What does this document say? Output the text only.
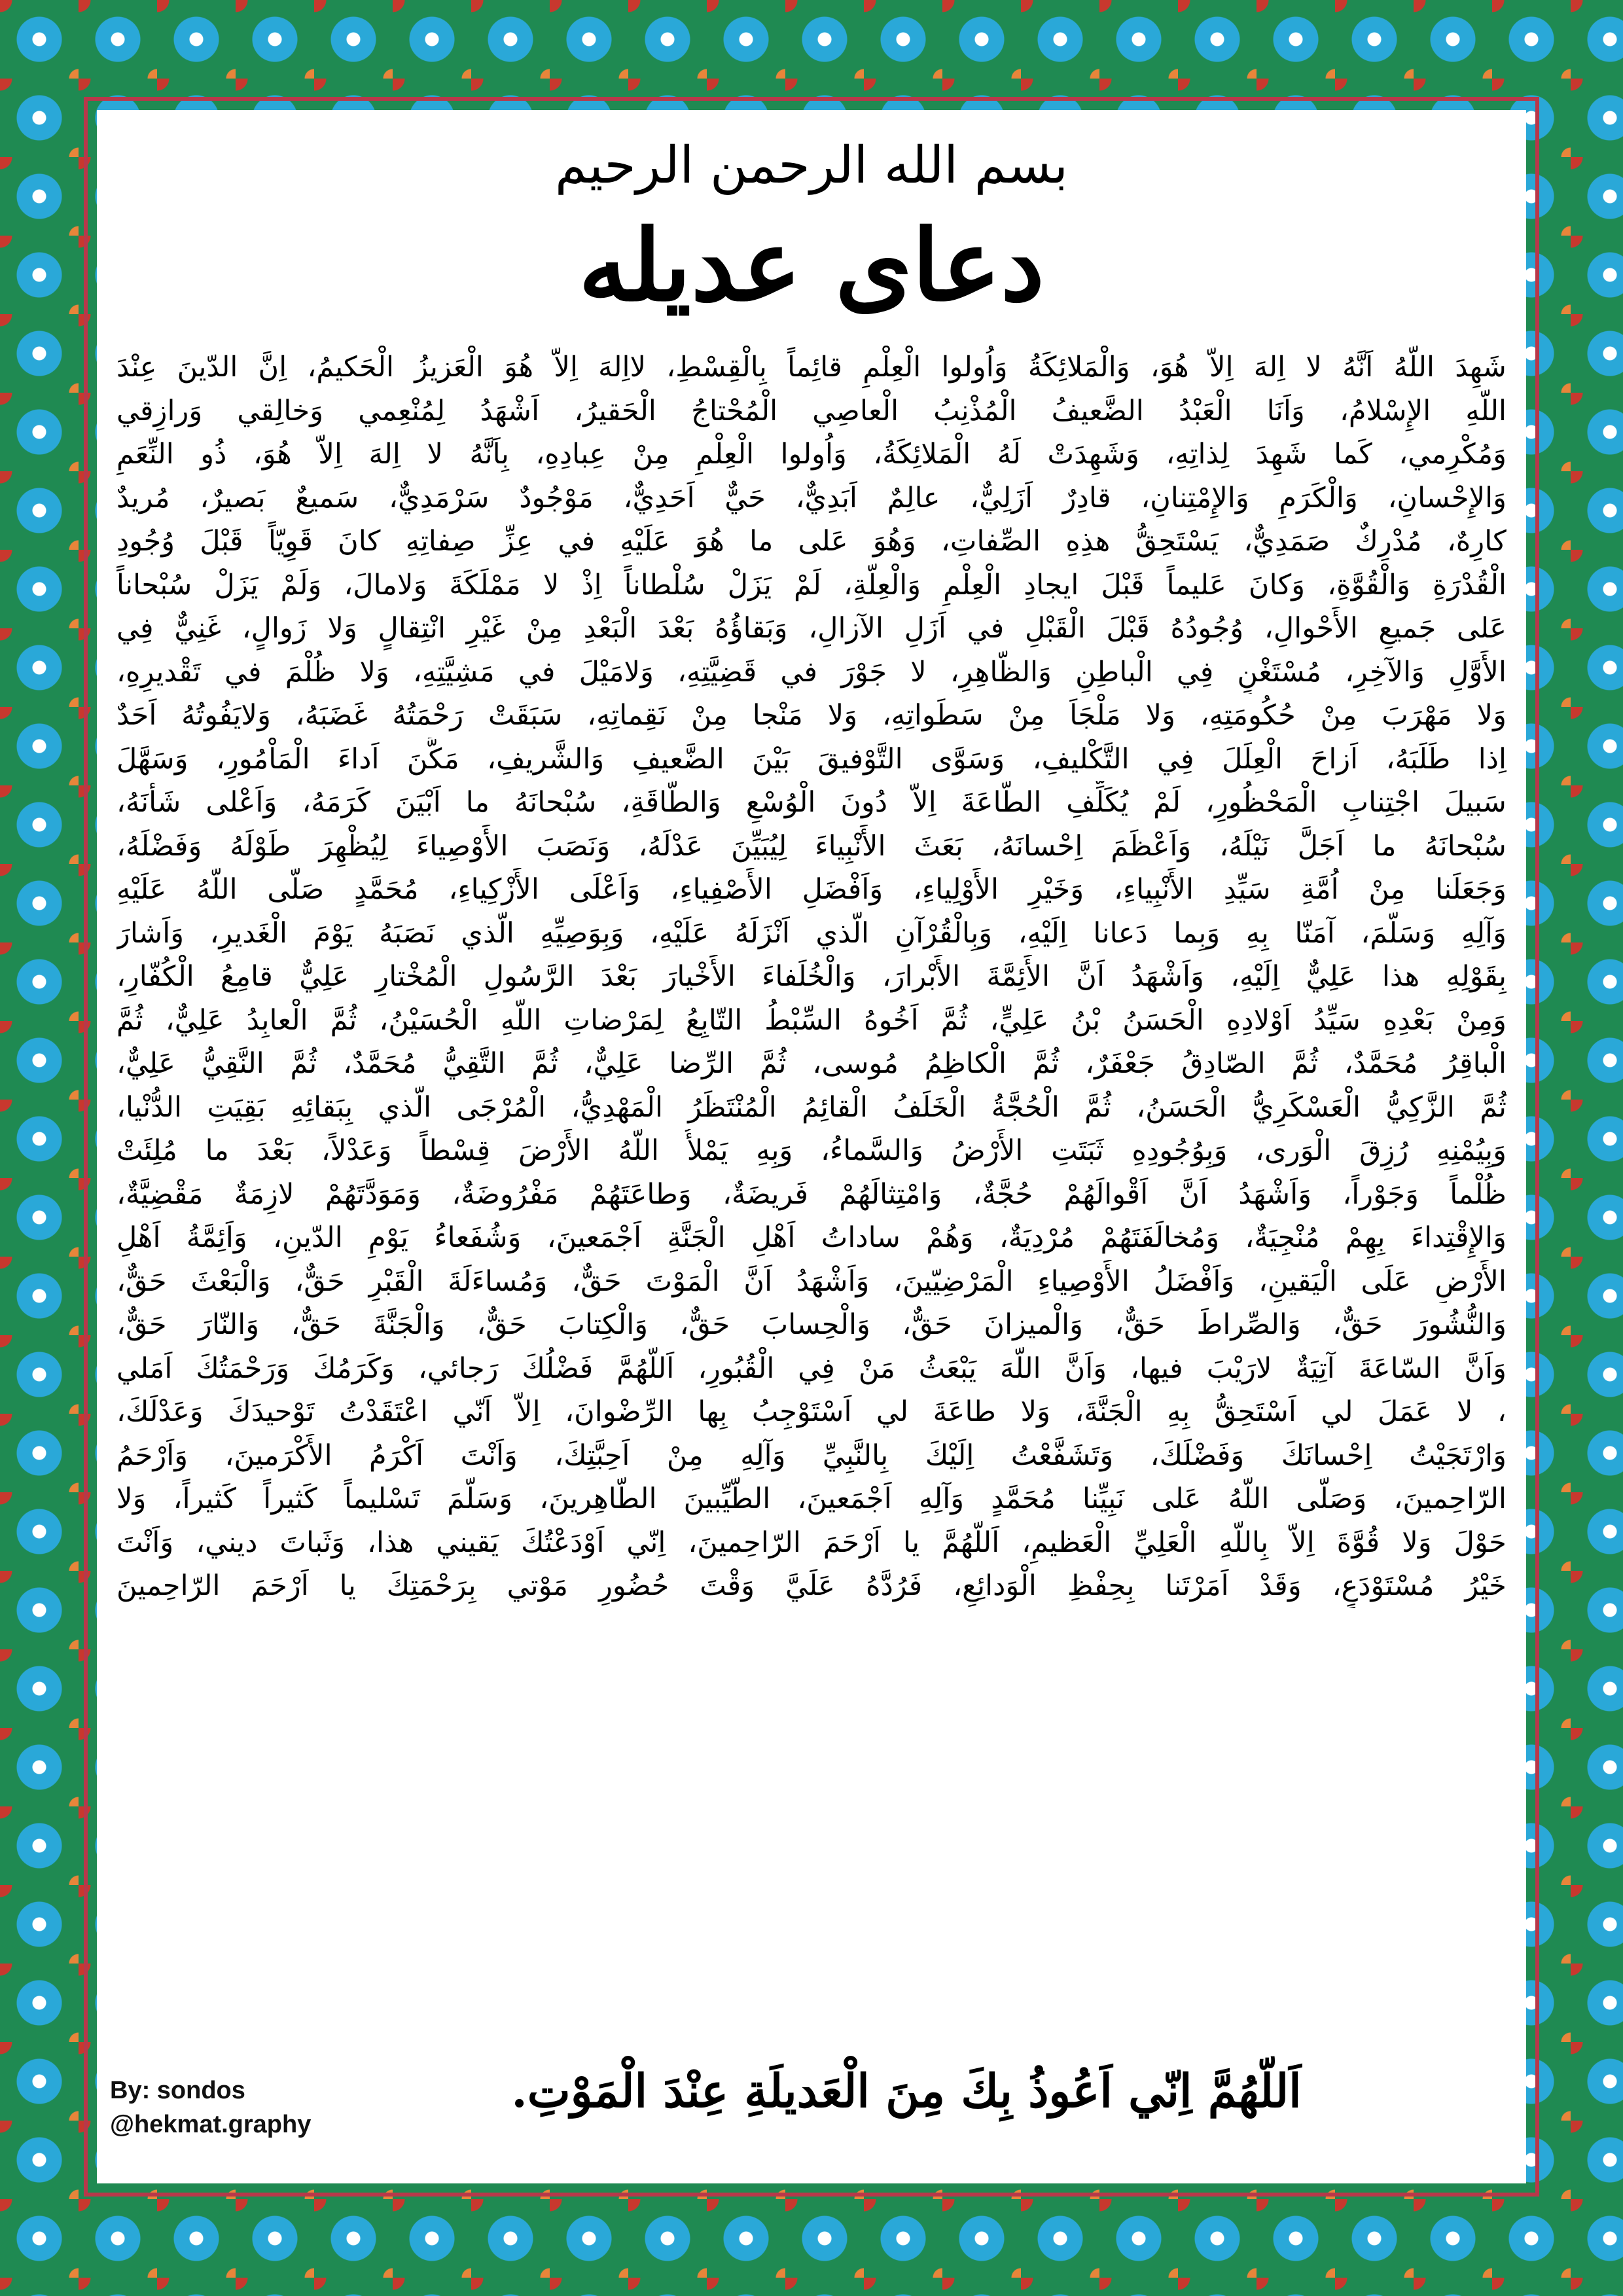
بسم الله الرحمن الرحيم
دعای عدیله
شَهِدَ اللّهُ اَنَّهُ لا اِلهَ اِلاّ هُوَ، وَالْمَلائِكَةُ وَاُولوا الْعِلْمِ قائِماً بِالْقِسْطِ، لااِلهَ اِلاّ هُوَ الْعَزيزُ الْحَكيمُ، اِنَّ الدّينَ عِنْدَ
اللّهِ الإِسْلامُ، وَاَنَا الْعَبْدُ الضَّعيفُ الْمُذْنِبُ الْعاصِي الْمُحْتاجُ الْحَقيرُ، اَشْهَدُ لِمُنْعِمي وَخالِقي وَرازِقي
وَمُكْرِمي، كَما شَهِدَ لِذاتِهِ، وَشَهِدَتْ لَهُ الْمَلائِكَةُ، وَاُولوا الْعِلْمِ مِنْ عِبادِهِ، بِاَنَّهُ لا اِلهَ اِلاّ هُوَ، ذُو النِّعَمِ
وَالإِحْسانِ، وَالْكَرَمِ وَالإِمْتِنانِ، قادِرٌ اَزَلِيٌّ، عالِمٌ اَبَدِيٌّ، حَيٌّ اَحَدِيٌّ، مَوْجُودٌ سَرْمَدِيٌّ، سَميعٌ بَصيرٌ، مُريدٌ
كارِهٌ، مُدْرِكٌ صَمَدِيٌّ، يَسْتَحِقُّ هذِهِ الصِّفاتِ، وَهُوَ عَلى ما هُوَ عَلَيْهِ في عِزِّ صِفاتِهِ كانَ قَوِيّاً قَبْلَ وُجُودِ
الْقُدْرَةِ وَالْقُوَّةِ، وَكانَ عَليماً قَبْلَ ايجادِ الْعِلْمِ وَالْعِلَّةِ، لَمْ يَزَلْ سُلْطاناً اِذْ لا مَمْلَكَةَ وَلامالَ، وَلَمْ يَزَلْ سُبْحاناً
عَلى جَميعِ الأَحْوالِ، وُجُودُهُ قَبْلَ الْقَبْلِ في اَزَلِ الآزالِ، وَبَقاؤُهُ بَعْدَ الْبَعْدِ مِنْ غَيْرِ انْتِقالٍ وَلا زَوالٍ، غَنِيٌّ فِي
الأَوَّلِ وَالآخِرِ، مُسْتَغْنٍ فِي الْباطِنِ وَالظّاهِرِ، لا جَوْرَ في قَضِيَّتِهِ، وَلامَيْلَ في مَشِيَّتِهِ، وَلا ظُلْمَ في تَقْديرِهِ،
وَلا مَهْرَبَ مِنْ حُكُومَتِهِ، وَلا مَلْجَاَ مِنْ سَطَواتِهِ، وَلا مَنْجا مِنْ نَقِماتِهِ، سَبَقَتْ رَحْمَتُهُ غَضَبَهُ، وَلايَفُوتُهُ اَحَدٌ
اِذا طَلَبَهُ، اَزاحَ الْعِلَلَ فِي التَّكْليفِ، وَسَوَّى التَّوْفيقَ بَيْنَ الضَّعيفِ وَالشَّريفِ، مَكَّنَ اَداءَ الْمَاْمُورِ، وَسَهَّلَ
سَبيلَ اجْتِنابِ الْمَحْظُورِ، لَمْ يُكَلِّفِ الطّاعَةَ اِلاّ دُونَ الْوُسْعِ وَالطّاقَةِ، سُبْحانَهُ ما اَبْيَنَ كَرَمَهُ، وَاَعْلى شَأْنَهُ،
سُبْحانَهُ ما اَجَلَّ نَيْلَهُ، وَاَعْظَمَ اِحْسانَهُ، بَعَثَ الأَنْبِياءَ لِيُبَيِّنَ عَدْلَهُ، وَنَصَبَ الأَوْصِياءَ لِيُظْهِرَ طَوْلَهُ وَفَضْلَهُ،
وَجَعَلَنا مِنْ اُمَّةِ سَيِّدِ الأَنْبِياءِ، وَخَيْرِ الأَوْلِياءِ، وَاَفْضَلِ الأَصْفِياءِ، وَاَعْلَى الأَزْكِياءِ، مُحَمَّدٍ صَلَّى اللّهُ عَلَيْهِ
وَآلِهِ وَسَلَّمَ، آمَنّا بِهِ وَبِما دَعانا اِلَيْهِ، وَبِالْقُرْآنِ الَّذي اَنْزَلَهُ عَلَيْهِ، وَبِوَصِيِّهِ الَّذي نَصَبَهُ يَوْمَ الْغَديرِ، وَاَشارَ
بِقَوْلِهِ هذا عَلِيٌّ اِلَيْهِ، وَاَشْهَدُ اَنَّ الأَئِمَّةَ الأَبْرارَ، وَالْخُلَفاءَ الأَخْيارَ بَعْدَ الرَّسُولِ الْمُخْتارِ عَلِيٌّ قامِعُ الْكُفّارِ،
وَمِنْ بَعْدِهِ سَيِّدُ اَوْلادِهِ الْحَسَنُ بْنُ عَلِيٍّ، ثُمَّ اَخُوهُ السِّبْطُ التّابِعُ لِمَرْضاتِ اللّهِ الْحُسَيْنُ، ثُمَّ الْعابِدُ عَلِيٌّ، ثُمَّ
الْباقِرُ مُحَمَّدٌ، ثُمَّ الصّادِقُ جَعْفَرٌ، ثُمَّ الْكاظِمُ مُوسى، ثُمَّ الرِّضا عَلِيٌّ، ثُمَّ التَّقِيُّ مُحَمَّدٌ، ثُمَّ النَّقِيُّ عَلِيٌّ،
ثُمَّ الزَّكِيُّ الْعَسْكَرِيُّ الْحَسَنُ، ثُمَّ الْحُجَّةُ الْخَلَفُ الْقائِمُ الْمُنْتَظَرُ الْمَهْدِيُّ، الْمُرْجَى الَّذي بِبَقائِهِ بَقِيَتِ الدُّنْيا،
وَبِيُمْنِهِ رُزِقَ الْوَرى، وَبِوُجُودِهِ ثَبَتَتِ الأَرْضُ وَالسَّماءُ، وَبِهِ يَمْلأُ اللّهُ الأَرْضَ قِسْطاً وَعَدْلاً، بَعْدَ ما مُلِئَتْ
ظُلْماً وَجَوْراً، وَاَشْهَدُ اَنَّ اَقْوالَهُمْ حُجَّةٌ، وَامْتِثالَهُمْ فَريضَةٌ، وَطاعَتَهُمْ مَفْرُوضَةٌ، وَمَوَدَّتَهُمْ لازِمَةٌ مَقْضِيَّةٌ،
وَالإِقْتِداءَ بِهِمْ مُنْجِيَةٌ، وَمُخالَفَتَهُمْ مُرْدِيَةٌ، وَهُمْ ساداتُ اَهْلِ الْجَنَّةِ اَجْمَعينَ، وَشُفَعاءُ يَوْمِ الدّينِ، وَاَئِمَّةُ اَهْلِ
الأَرْضِ عَلَى الْيَقينِ، وَاَفْضَلُ الأَوْصِياءِ الْمَرْضِيّينَ، وَاَشْهَدُ اَنَّ الْمَوْتَ حَقٌّ، وَمُساءَلَةَ الْقَبْرِ حَقٌّ، وَالْبَعْثَ حَقٌّ،
وَالنُّشُورَ حَقٌّ، وَالصِّراطَ حَقٌّ، وَالْميزانَ حَقٌّ، وَالْحِسابَ حَقٌّ، وَالْكِتابَ حَقٌّ، وَالْجَنَّةَ حَقٌّ، وَالنّارَ حَقٌّ،
وَاَنَّ السّاعَةَ آتِيَةٌ لارَيْبَ فيها، وَاَنَّ اللّهَ يَبْعَثُ مَنْ فِي الْقُبُورِ، اَللّهُمَّ فَضْلُكَ رَجائي، وَكَرَمُكَ وَرَحْمَتُكَ اَمَلي
، لا عَمَلَ لي اَسْتَحِقُّ بِهِ الْجَنَّةَ، وَلا طاعَةَ لي اَسْتَوْجِبُ بِها الرِّضْوانَ، اِلاّ اَنّي اعْتَقَدْتُ تَوْحيدَكَ وَعَدْلَكَ،
وَارْتَجَيْتُ اِحْسانَكَ وَفَضْلَكَ، وَتَشَفَّعْتُ اِلَيْكَ بِالنَّبِيِّ وَآلِهِ مِنْ اَحِبَّتِكَ، وَاَنْتَ اَكْرَمُ الأَكْرَمينَ، وَاَرْحَمُ
الرّاحِمينَ، وَصَلَّى اللّهُ عَلى نَبِيِّنا مُحَمَّدٍ وَآلِهِ اَجْمَعينَ، الطَّيِّبينَ الطّاهِرينَ، وَسَلَّمَ تَسْليماً كَثيراً كَثيراً، وَلا
حَوْلَ وَلا قُوَّةَ اِلاّ بِاللّهِ الْعَلِيِّ الْعَظيمِ، اَللّهُمَّ يا اَرْحَمَ الرّاحِمينَ، اِنّي اَوْدَعْتُكَ يَقيني هذا، وَثَباتَ ديني، وَاَنْتَ
خَيْرُ مُسْتَوْدَعٍ، وَقَدْ اَمَرْتَنا بِحِفْظِ الْوَدائِعِ، فَرُدَّهُ عَلَيَّ وَقْتَ حُضُورِ مَوْتي بِرَحْمَتِكَ يا اَرْحَمَ الرّاحِمينَ
اَللّهُمَّ اِنّي اَعُوذُ بِكَ مِنَ الْعَديلَةِ عِنْدَ الْمَوْتِ.
By: sondos
@hekmat.graphy
